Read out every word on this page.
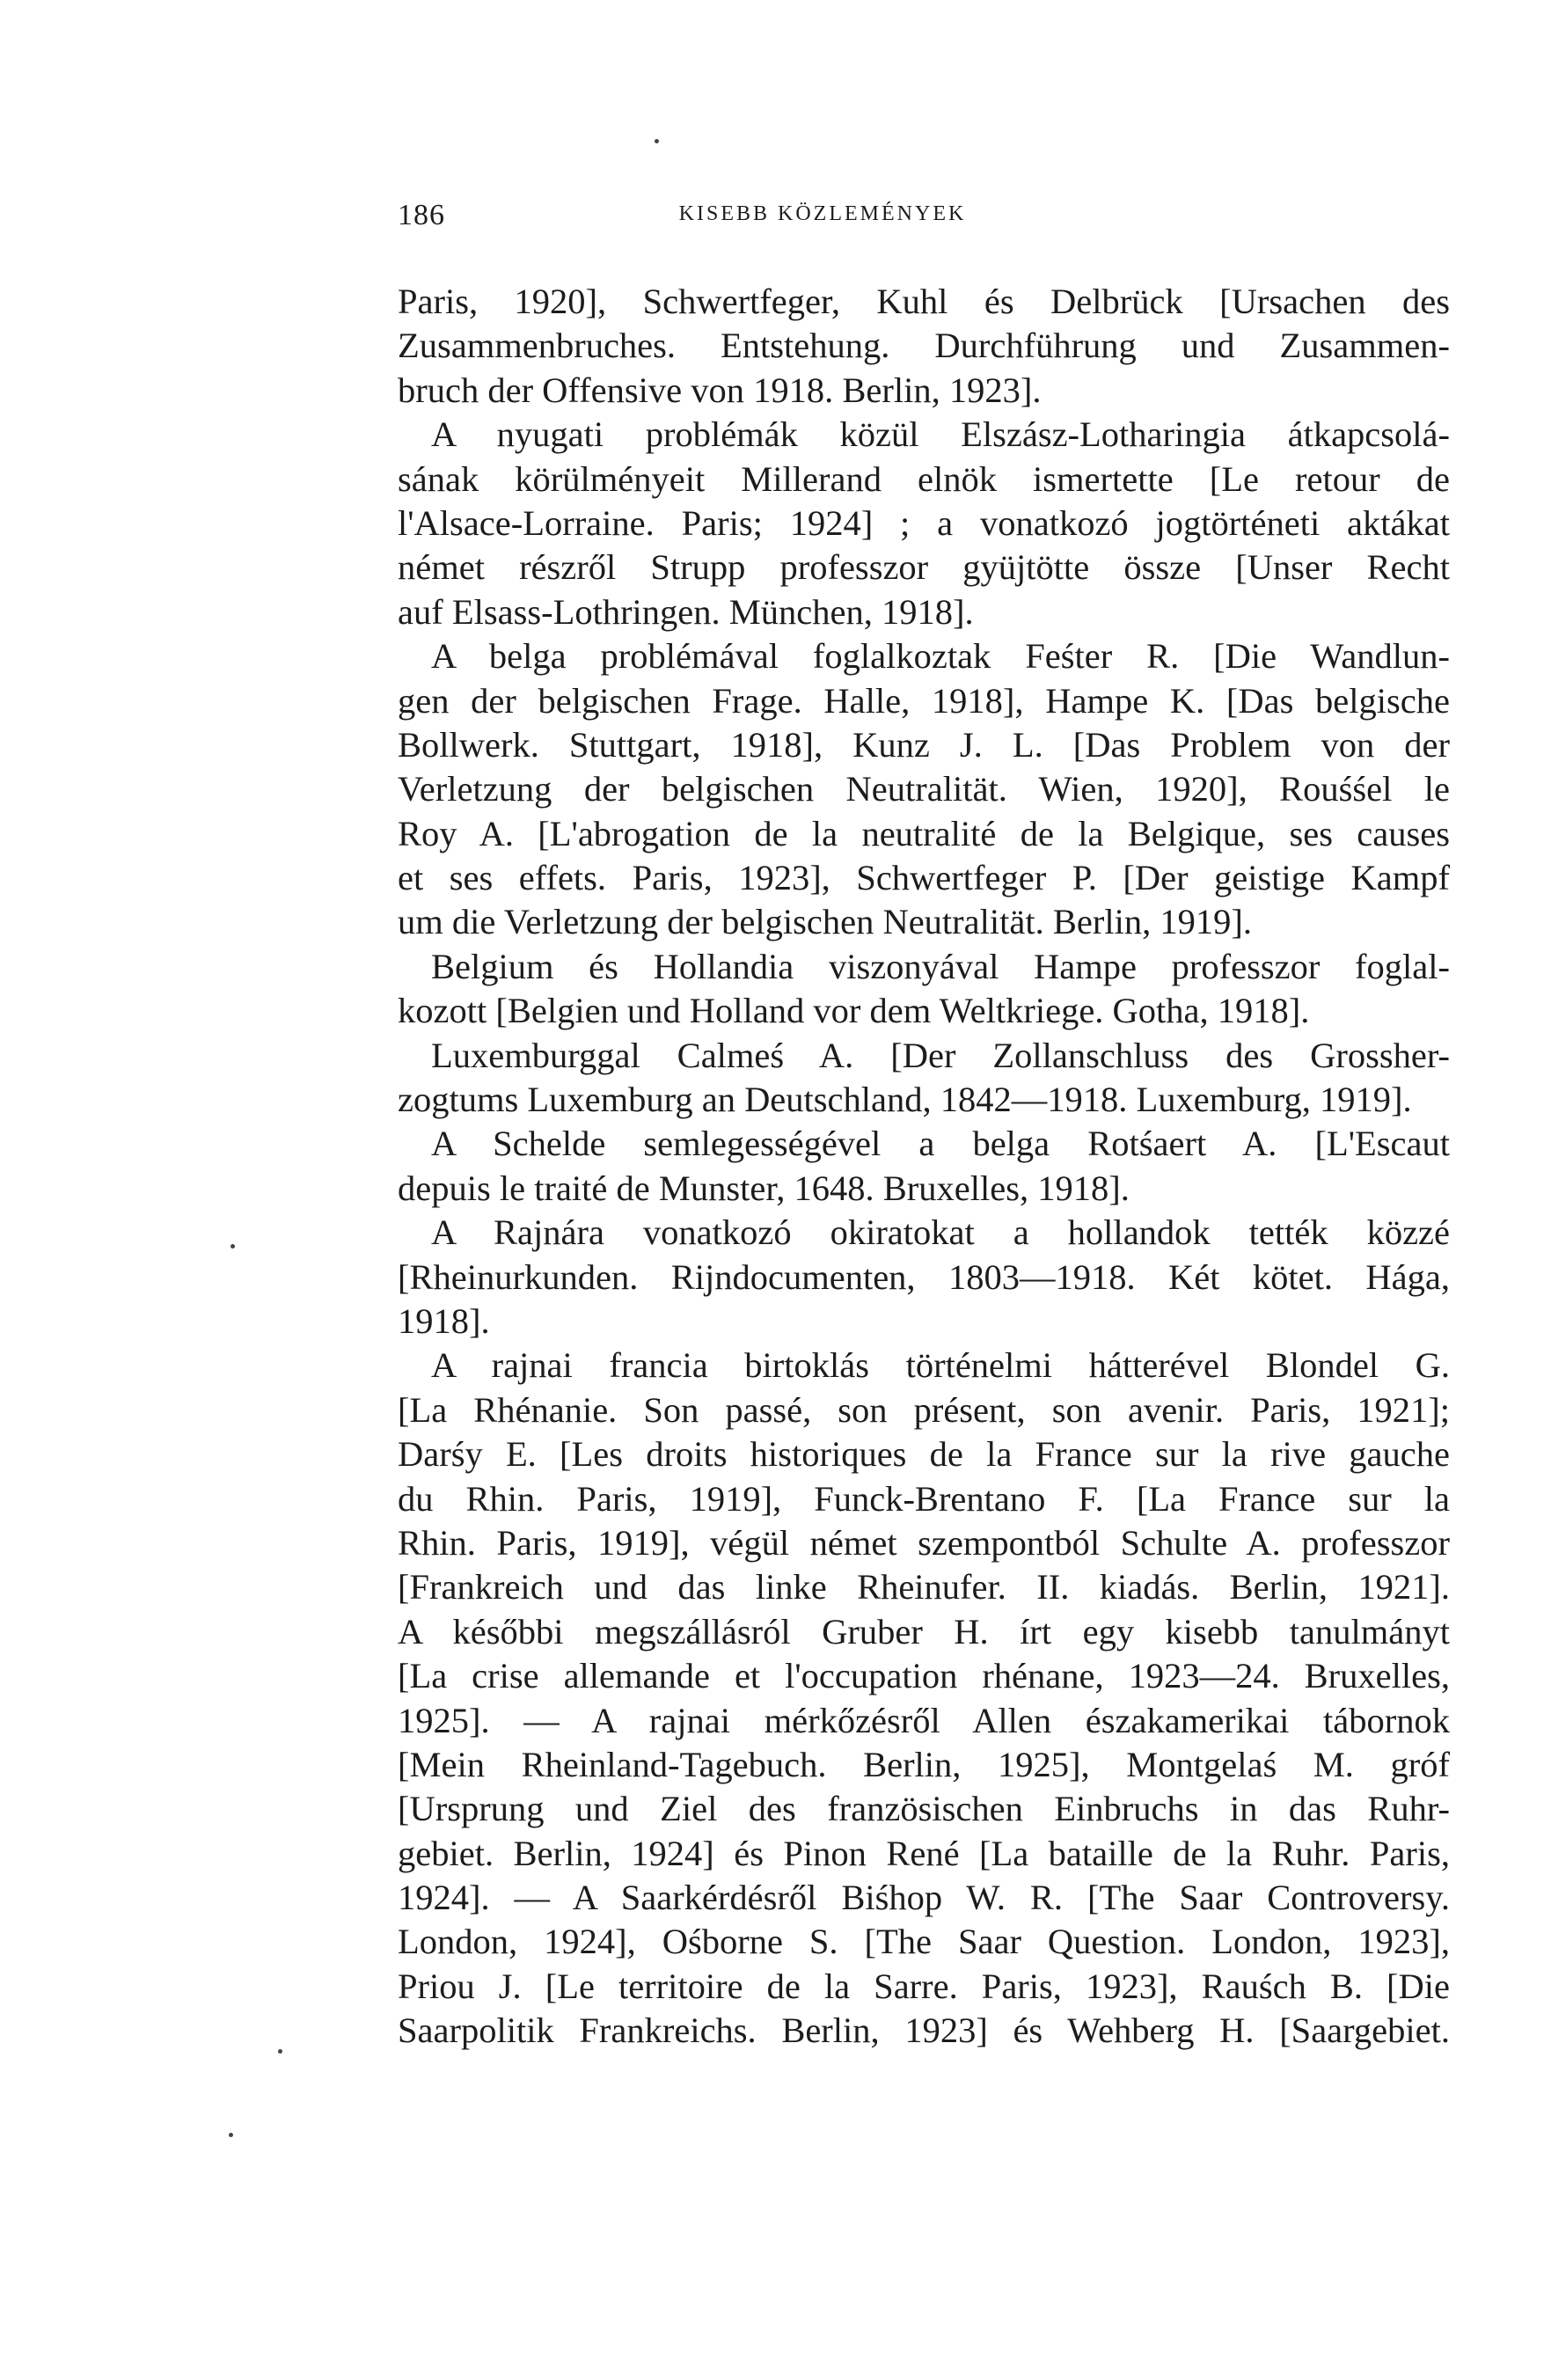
186	KISEBB KÖZLEMÉNYEK
Paris, 1920], Schwertfeger, Kuhl és Delbrück [Ursachen des
Zusammenbruches. Entstehung. Durchführung und Zusammen-
bruch der Offensive von 1918. Berlin, 1923].
A nyugati problémák közül Elszász-Lotharingia átkapcsolá-
sának körülményeit Millerand elnök ismertette [Le retour de
l'Alsace-Lorraine. Paris; 1924] ; a vonatkozó jogtörténeti aktákat
német részről Strupp professzor gyüjtötte össze [Unser Recht
auf Elsass-Lothringen. München, 1918].
A belga problémával foglalkoztak Feśter R. [Die Wandlun-
gen der belgischen Frage. Halle, 1918], Hampe K. [Das belgische
Bollwerk. Stuttgart, 1918], Kunz J. L. [Das Problem von der
Verletzung der belgischen Neutralität. Wien, 1920], Rouśśel le
Roy A. [L'abrogation de la neutralité de la Belgique, ses causes
et ses effets. Paris, 1923], Schwertfeger P. [Der geistige Kampf
um die Verletzung der belgischen Neutralität. Berlin, 1919].
Belgium és Hollandia viszonyával Hampe professzor foglal-
kozott [Belgien und Holland vor dem Weltkriege. Gotha, 1918].
Luxemburggal Calmeś A. [Der Zollanschluss des Grossher-
zogtums Luxemburg an Deutschland, 1842—1918. Luxemburg, 1919].
A Schelde semlegességével a belga Rotśaert A. [L'Escaut
depuis le traité de Munster, 1648. Bruxelles, 1918].
A Rajnára vonatkozó okiratokat a hollandok tették közzé
[Rheinurkunden. Rijndocumenten, 1803—1918. Két kötet. Hága,
1918].
A rajnai francia birtoklás történelmi hátterével Blondel G.
[La Rhénanie. Son passé, son présent, son avenir. Paris, 1921];
Darśy E. [Les droits historiques de la France sur la rive gauche
du Rhin. Paris, 1919], Funck-Brentano F. [La France sur la
Rhin. Paris, 1919], végül német szempontból Schulte A. professzor
[Frankreich und das linke Rheinufer. II. kiadás. Berlin, 1921].
A későbbi megszállásról Gruber H. írt egy kisebb tanulmányt
[La crise allemande et l'occupation rhénane, 1923—24. Bruxelles,
1925]. — A rajnai mérkőzésről Allen északamerikai tábornok
[Mein Rheinland-Tagebuch. Berlin, 1925], Montgelaś M. gróf
[Ursprung und Ziel des französischen Einbruchs in das Ruhr-
gebiet. Berlin, 1924] és Pinon René [La bataille de la Ruhr. Paris,
1924]. — A Saarkérdésről Biśhop W. R. [The Saar Controversy.
London, 1924], Ośborne S. [The Saar Question. London, 1923],
Priou J. [Le territoire de la Sarre. Paris, 1923], Rauśch B. [Die
Saarpolitik Frankreichs. Berlin, 1923] és Wehberg H. [Saargebiet.
